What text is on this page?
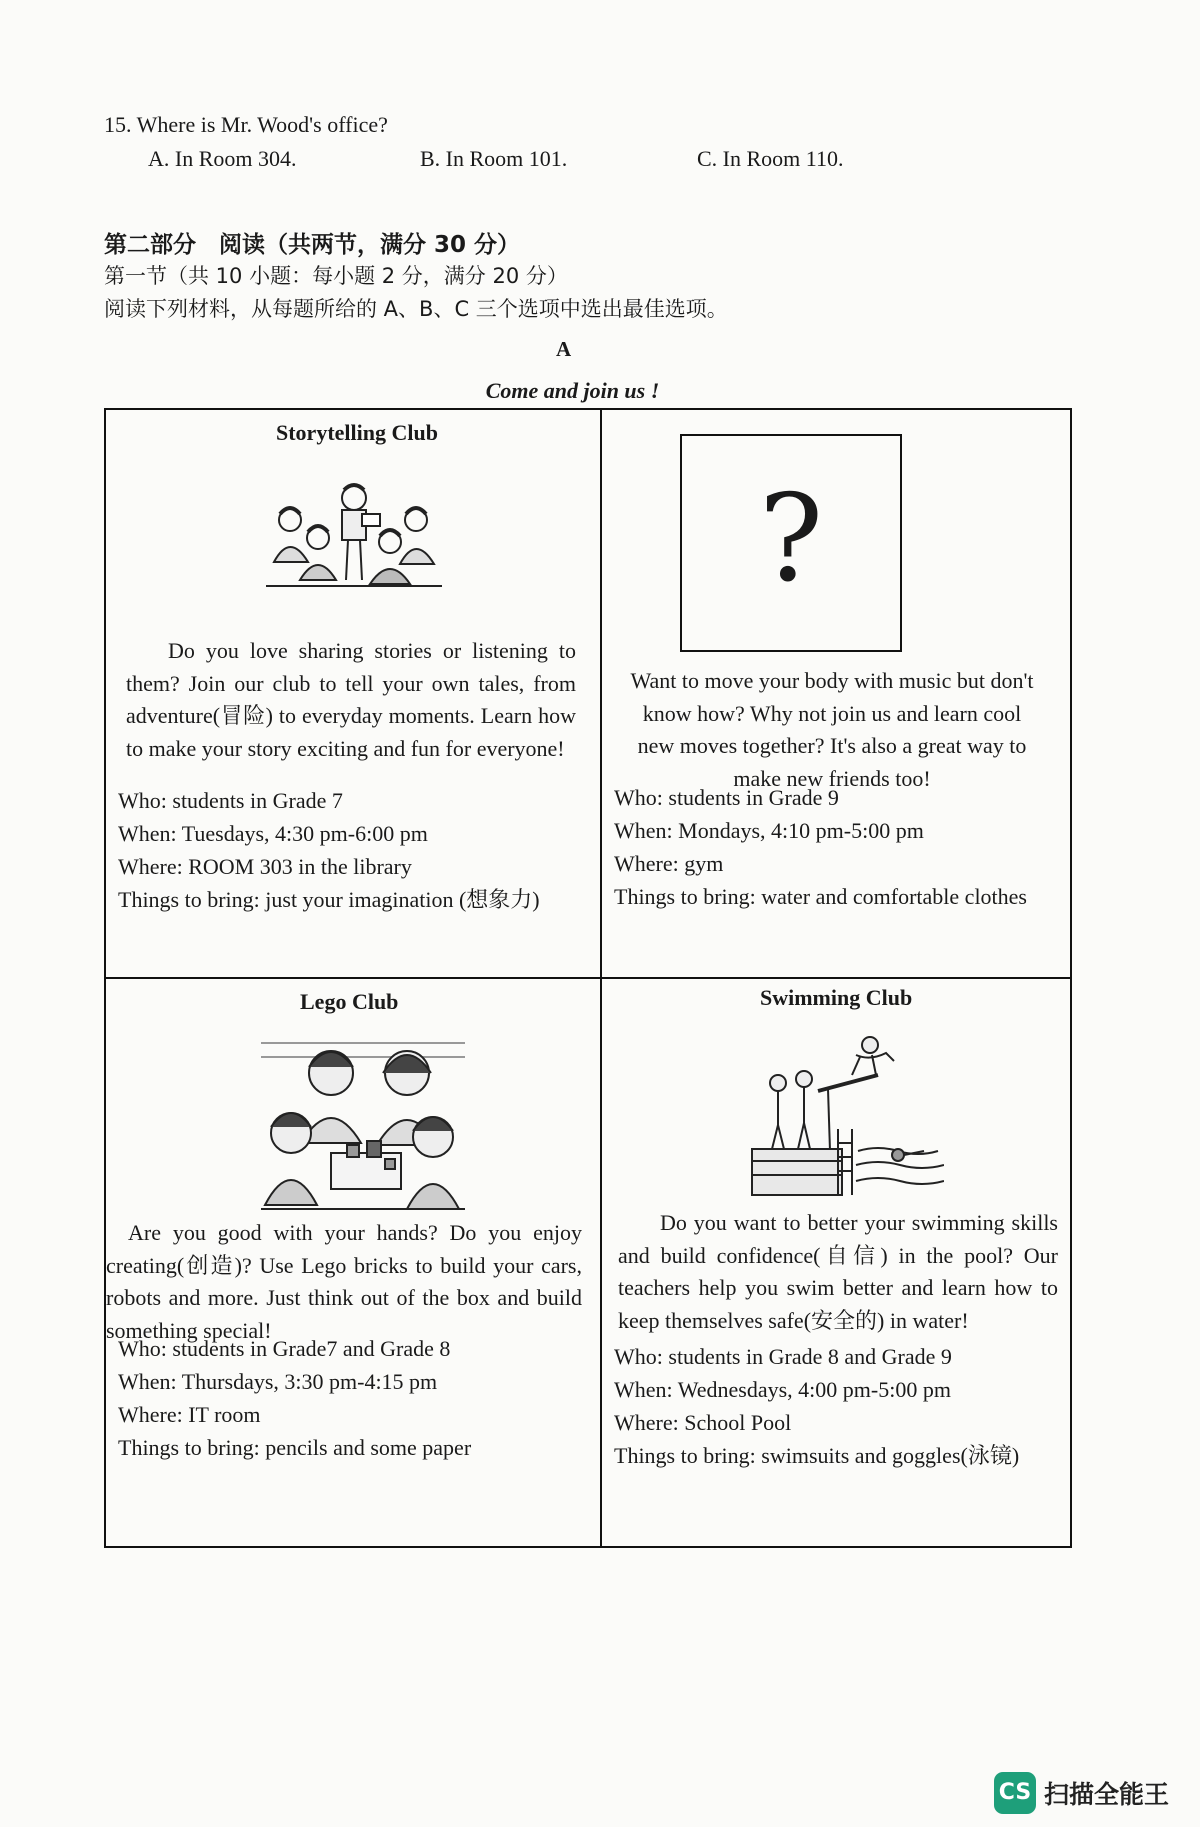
15. Where is Mr. Wood's office?
A. In Room 304.	B. In Room 101.	C. In Room 110.
第二部分　阅读（共两节，满分 30 分）
第一节（共 10 小题：每小题 2 分，满分 20 分）
阅读下列材料，从每题所给的 A、B、C 三个选项中选出最佳选项。
A
Come and join us !
Storytelling Club
Do you love sharing stories or listening to them? Join our club to tell your own tales, from adventure(冒险) to everyday moments. Learn how to make your story exciting and fun for everyone!
Who: students in Grade 7
When: Tuesdays, 4:30 pm-6:00 pm
Where: ROOM 303 in the library
Things to bring: just your imagination (想象力)
?
Want to move your body with music but don't know how? Why not join us and learn cool new moves together? It's also a great way to make new friends too!
Who: students in Grade 9
When: Mondays, 4:10 pm-5:00 pm
Where: gym
Things to bring: water and comfortable clothes
Lego Club
Are you good with your hands? Do you enjoy creating(创造)? Use Lego bricks to build your cars, robots and more. Just think out of the box and build something special!
Who: students in Grade7 and Grade 8
When: Thursdays, 3:30 pm-4:15 pm
Where: IT room
Things to bring: pencils and some paper
Swimming Club
Do you want to better your swimming skills and build confidence(自信) in the pool? Our teachers help you swim better and learn how to keep themselves safe(安全的) in water!
Who: students in Grade 8 and Grade 9
When: Wednesdays, 4:00 pm-5:00 pm
Where: School Pool
Things to bring: swimsuits and goggles(泳镜)
CS 扫描全能王
